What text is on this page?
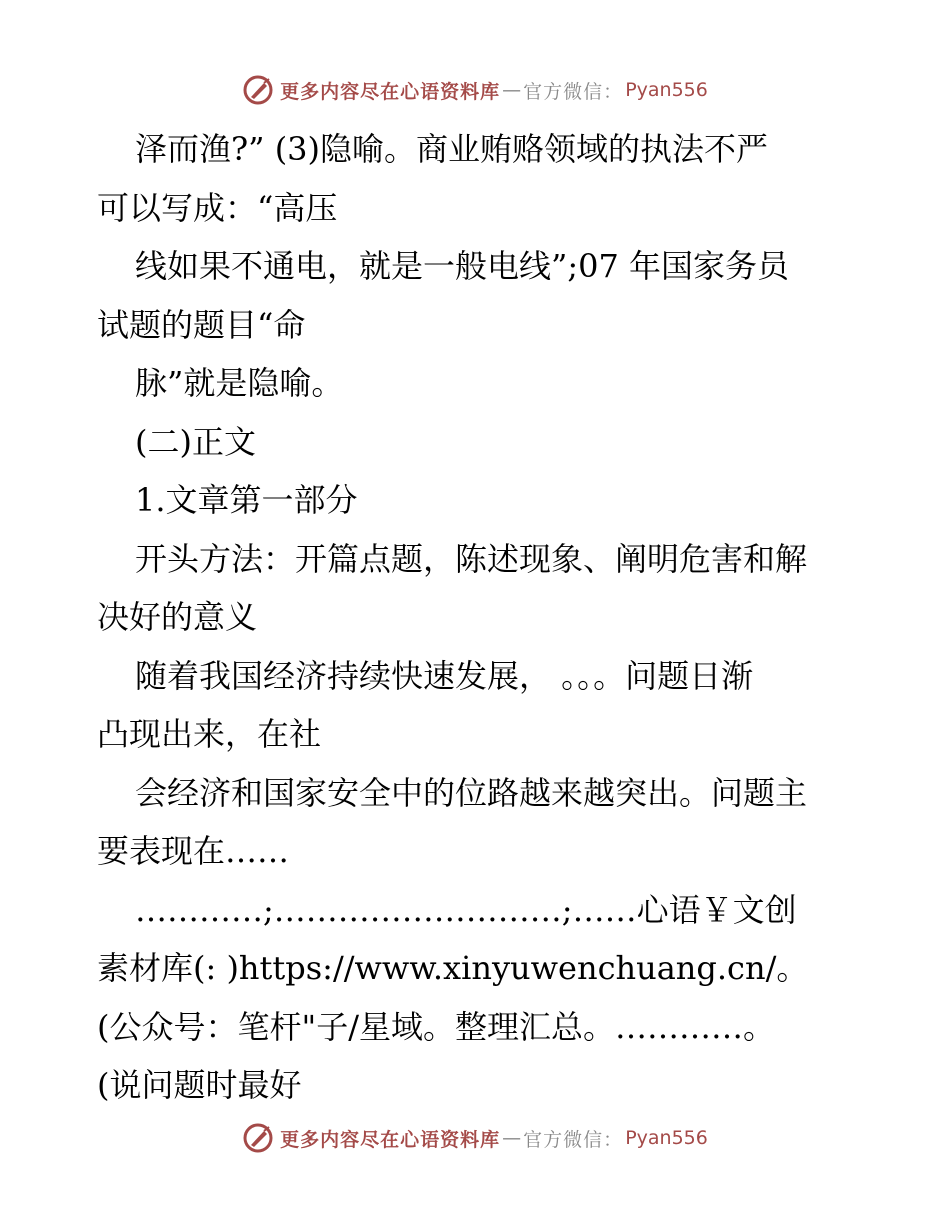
更多内容尽在心语资料库 — 官方微信： Pyan556
泽而渔?” (3)隐喻。商业贿赂领域的执法不严
可以写成：“高压
线如果不通电，就是一般电线”;07 年国家务员
试题的题目“命
脉”就是隐喻。
(二)正文
1.文章第一部分
开头方法：开篇点题，陈述现象、阐明危害和解
决好的意义
随着我国经济持续快速发展， 。。。问题日渐
凸现出来，在社
会经济和国家安全中的位路越来越突出。问题主
要表现在……
…………;………………………;……心语￥文创
素材库(: )https://www.xinyuwenchuang.cn/。
(公众号：笔杆"子/星域。整理汇总。…………。
(说问题时最好
更多内容尽在心语资料库 — 官方微信： Pyan556
